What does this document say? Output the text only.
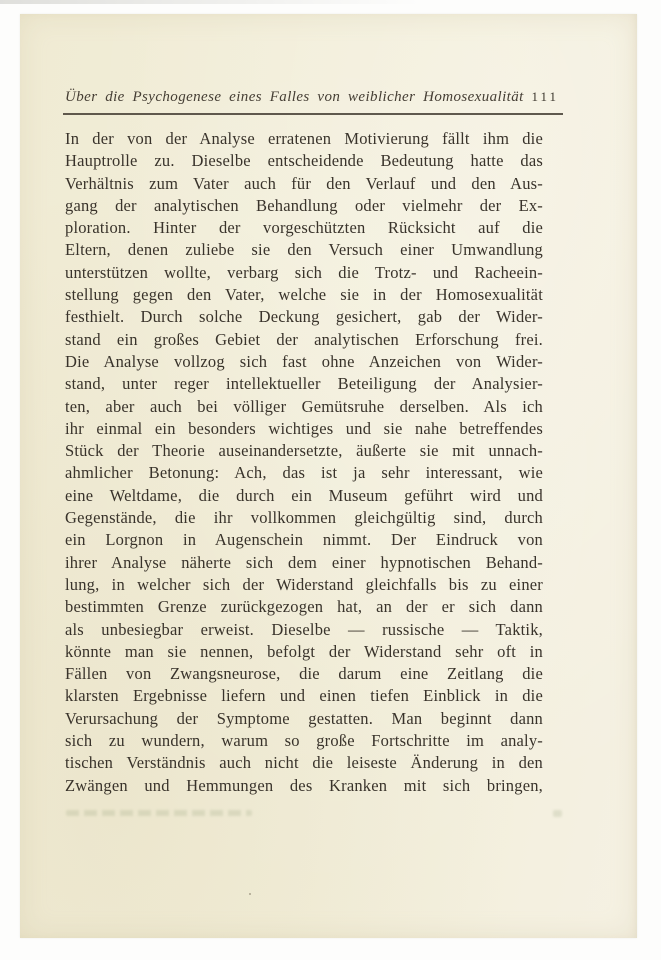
Über die Psychogenese eines Falles von weiblicher Homosexualität 111
In der von der Analyse erratenen Motivierung fällt ihm die
Hauptrolle zu. Dieselbe entscheidende Bedeutung hatte das
Verhältnis zum Vater auch für den Verlauf und den Aus-
gang der analytischen Behandlung oder vielmehr der Ex-
ploration. Hinter der vorgeschützten Rücksicht auf die
Eltern, denen zuliebe sie den Versuch einer Umwandlung
unterstützen wollte, verbarg sich die Trotz- und Racheein-
stellung gegen den Vater, welche sie in der Homosexualität
festhielt. Durch solche Deckung gesichert, gab der Wider-
stand ein großes Gebiet der analytischen Erforschung frei.
Die Analyse vollzog sich fast ohne Anzeichen von Wider-
stand, unter reger intellektueller Beteiligung der Analysier-
ten, aber auch bei völliger Gemütsruhe derselben. Als ich
ihr einmal ein besonders wichtiges und sie nahe betreffendes
Stück der Theorie auseinandersetzte, äußerte sie mit unnach-
ahmlicher Betonung: Ach, das ist ja sehr interessant, wie
eine Weltdame, die durch ein Museum geführt wird und
Gegenstände, die ihr vollkommen gleichgültig sind, durch
ein Lorgnon in Augenschein nimmt. Der Eindruck von
ihrer Analyse näherte sich dem einer hypnotischen Behand-
lung, in welcher sich der Widerstand gleichfalls bis zu einer
bestimmten Grenze zurückgezogen hat, an der er sich dann
als unbesiegbar erweist. Dieselbe — russische — Taktik,
könnte man sie nennen, befolgt der Widerstand sehr oft in
Fällen von Zwangsneurose, die darum eine Zeitlang die
klarsten Ergebnisse liefern und einen tiefen Einblick in die
Verursachung der Symptome gestatten. Man beginnt dann
sich zu wundern, warum so große Fortschritte im analy-
tischen Verständnis auch nicht die leiseste Änderung in den
Zwängen und Hemmungen des Kranken mit sich bringen,
